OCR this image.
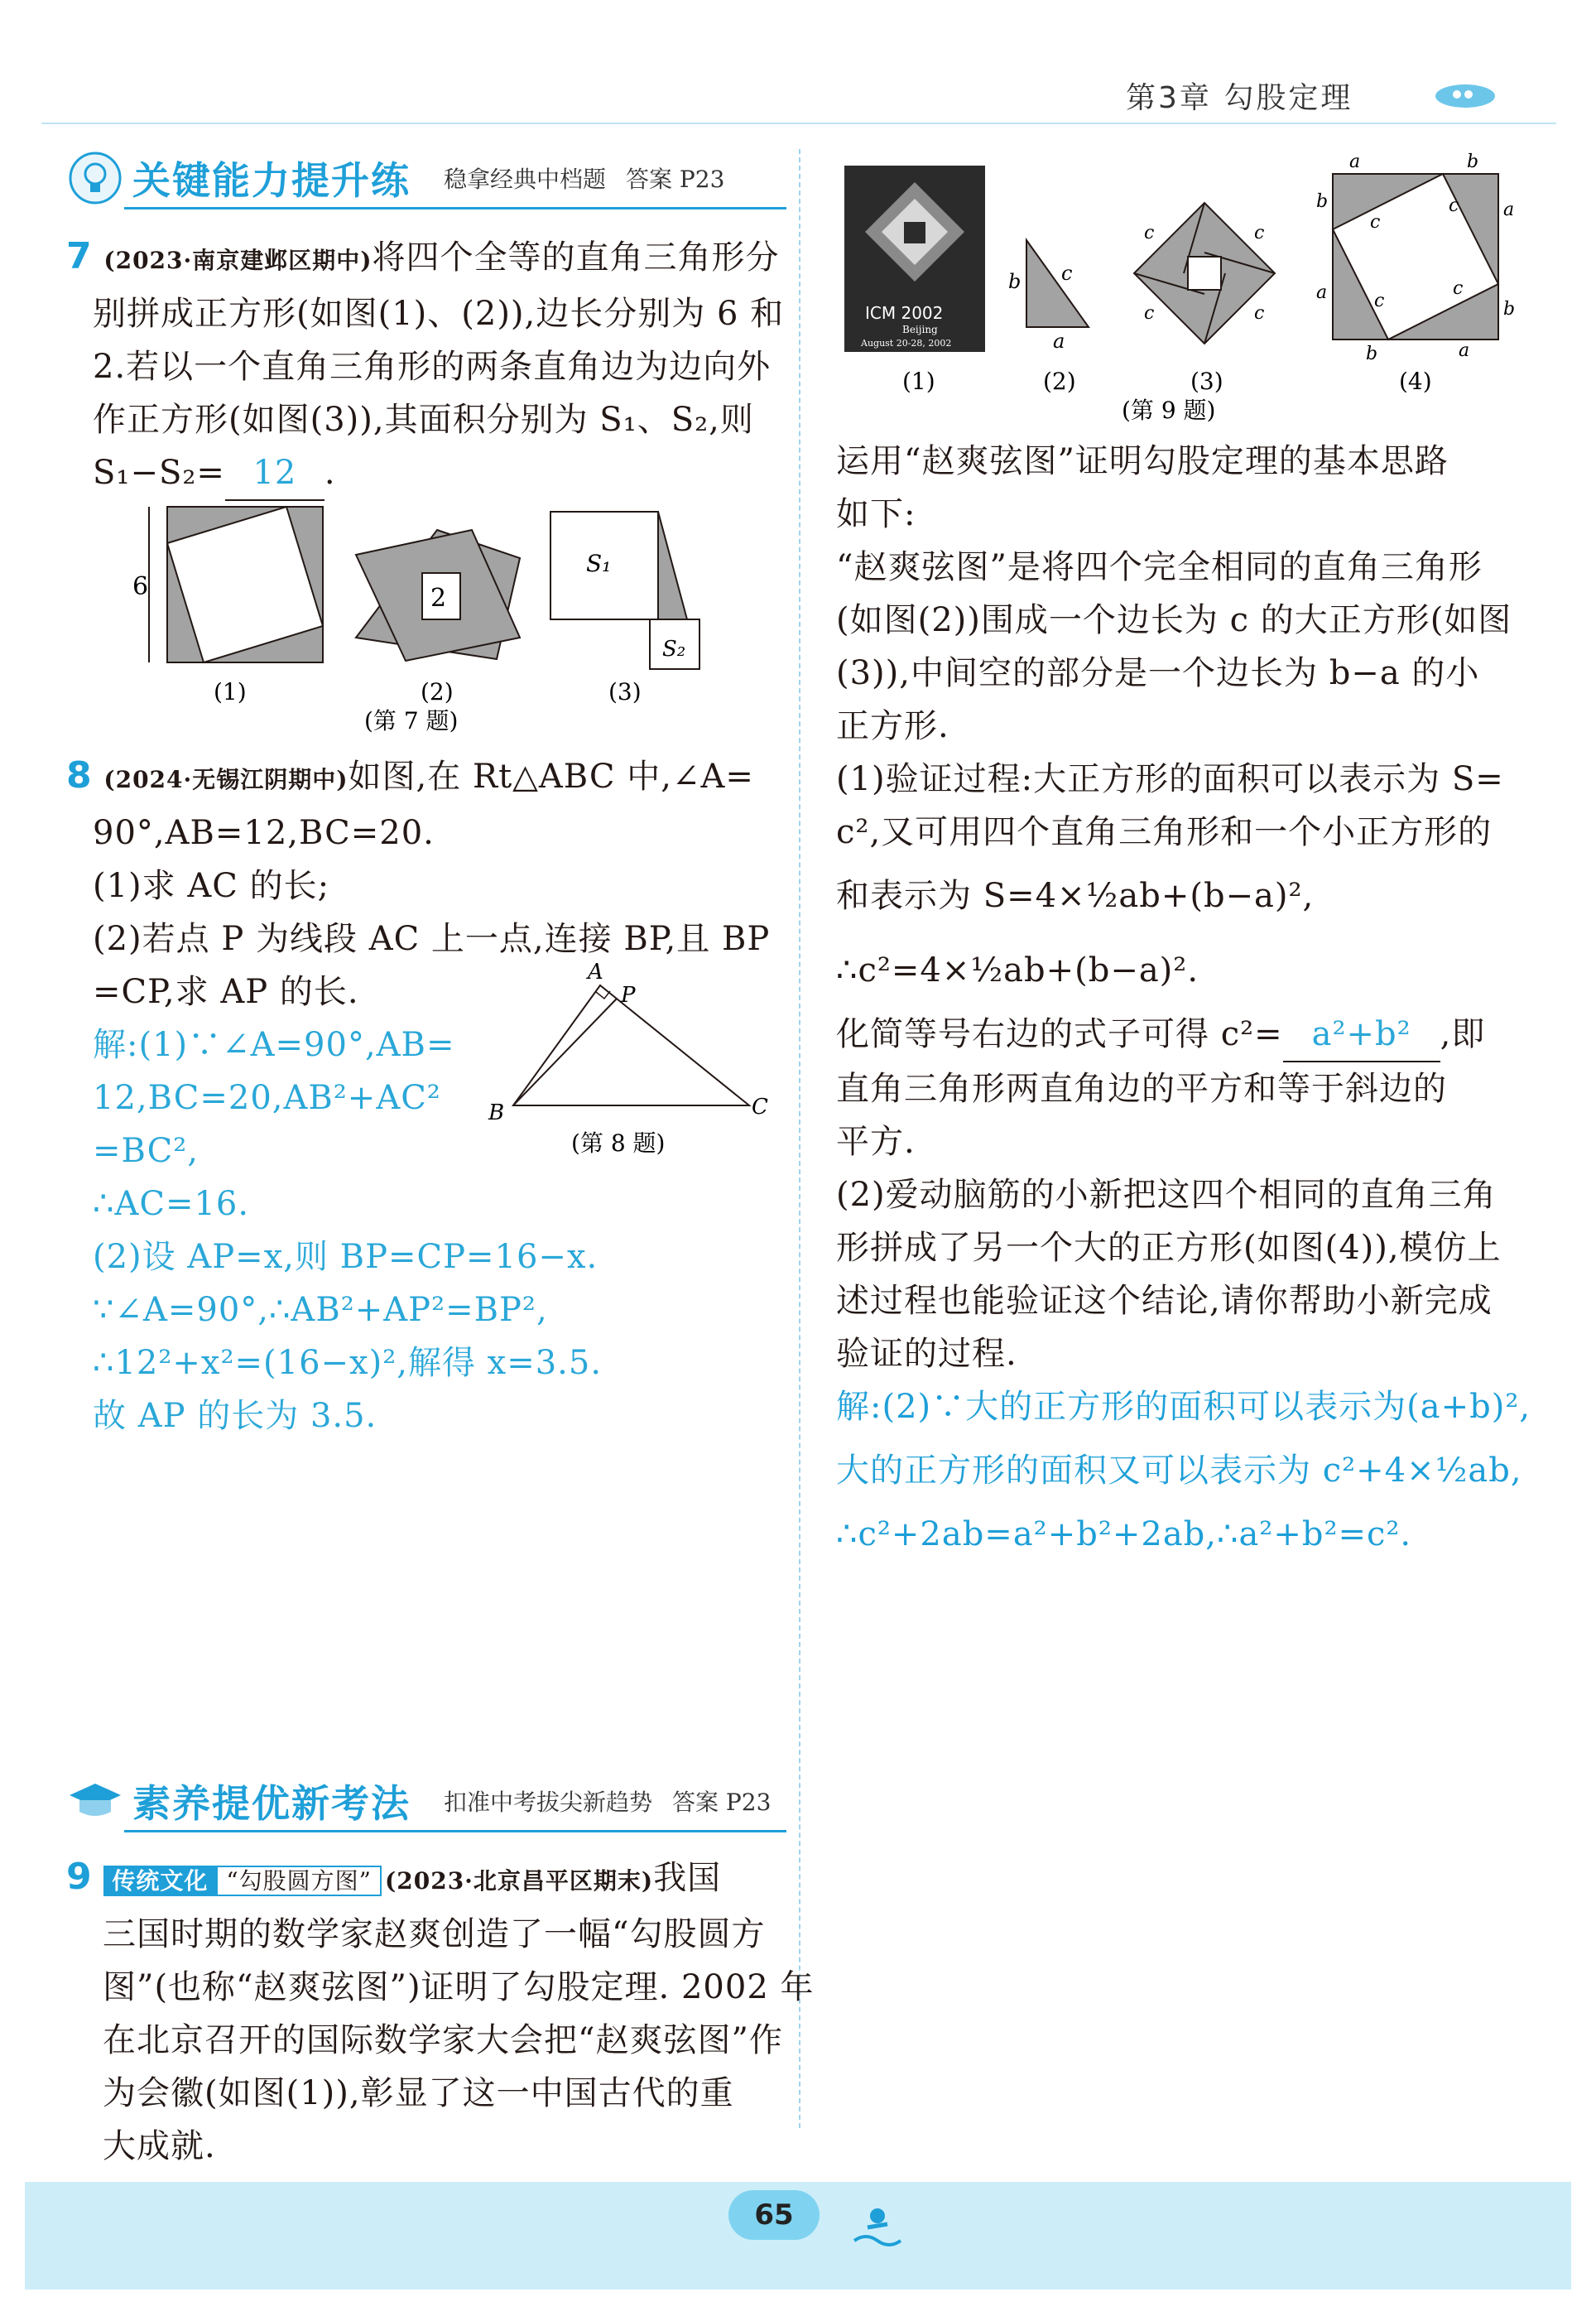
第3章 勾股定理
关键能力提升练 稳拿经典中档题 答案 P23
7 (2023·南京建邺区期中)将四个全等的直角三角形分
别拼成正方形(如图(1)、(2)),边长分别为 6 和
2.若以一个直角三角形的两条直角边为边向外
作正方形(如图(3)),其面积分别为 S₁、S₂,则
S₁−S₂= 12 .
6	2
S₁
S₂
(1)	(2)	(3)
(第 7 题)
8 (2024·无锡江阴期中)如图,在 Rt△ABC 中,∠A=
90°,AB=12,BC=20.
(1)求 AC 的长;
(2)若点 P 为线段 AC 上一点,连接 BP,且 BP
=CP,求 AP 的长.
解:(1)∵∠A=90°,AB=
12,BC=20,AB²+AC²
=BC²,
∴AC=16.
(2)设 AP=x,则 BP=CP=16−x.
∵∠A=90°,∴AB²+AP²=BP²,
∴12²+x²=(16−x)²,解得 x=3.5.
故 AP 的长为 3.5.
A
P
B	C
(第 8 题)
素养提优新考法 扣准中考拔尖新趋势 答案 P23
9 传统文化 “勾股圆方图” (2023·北京昌平区期末)我国
三国时期的数学家赵爽创造了一幅“勾股圆方
图”(也称“赵爽弦图”)证明了勾股定理. 2002 年
在北京召开的国际数学家大会把“赵爽弦图”作
为会徽(如图(1)),彰显了这一中国古代的重
大成就.
ICM 2002
Beijing
August 20-28, 2002
b c
a
c	c
c	c
a	b
b
a
a
b
b	a
c
c
c
c
(1)	(2)	(3)	(4)
(第 9 题)
运用“赵爽弦图”证明勾股定理的基本思路
如下:
“赵爽弦图”是将四个完全相同的直角三角形
(如图(2))围成一个边长为 c 的大正方形(如图
(3)),中间空的部分是一个边长为 b−a 的小
正方形.
(1)验证过程:大正方形的面积可以表示为 S=
c²,又可用四个直角三角形和一个小正方形的
和表示为 S=4×½ab+(b−a)²,
∴c²=4×½ab+(b−a)².
化简等号右边的式子可得 c²= a²+b² ,即
直角三角形两直角边的平方和等于斜边的
平方.
(2)爱动脑筋的小新把这四个相同的直角三角
形拼成了另一个大的正方形(如图(4)),模仿上
述过程也能验证这个结论,请你帮助小新完成
验证的过程.
解:(2)∵大的正方形的面积可以表示为(a+b)²,
大的正方形的面积又可以表示为 c²+4×½ab,
∴c²+2ab=a²+b²+2ab,∴a²+b²=c².
65
